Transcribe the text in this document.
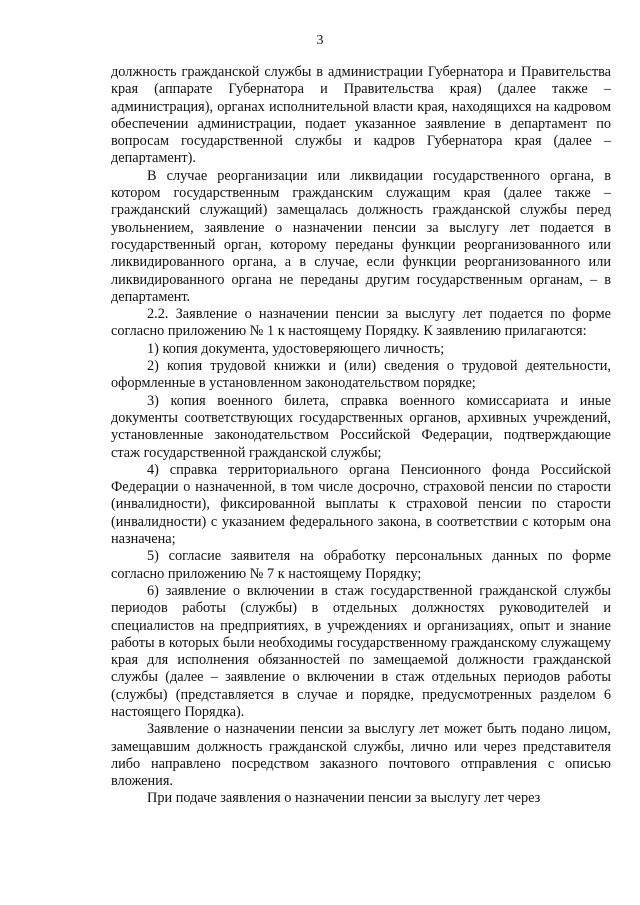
3

должность гражданской службы в администрации Губернатора и Правительства края (аппарате Губернатора и Правительства края) (далее также – администрация), органах исполнительной власти края, находящихся на кадровом обеспечении администрации, подает указанное заявление в департамент по вопросам государственной службы и кадров Губернатора края (далее – департамент).

В случае реорганизации или ликвидации государственного органа, в котором государственным гражданским служащим края (далее также – гражданский служащий) замещалась должность гражданской службы перед увольнением, заявление о назначении пенсии за выслугу лет подается в государственный орган, которому переданы функции реорганизованного или ликвидированного органа, а в случае, если функции реорганизованного или ликвидированного органа не переданы другим государственным органам, – в департамент.

2.2. Заявление о назначении пенсии за выслугу лет подается по форме согласно приложению № 1 к настоящему Порядку. К заявлению прилагаются:

1) копия документа, удостоверяющего личность;

2) копия трудовой книжки и (или) сведения о трудовой деятельности, оформленные в установленном законодательством порядке;

3) копия военного билета, справка военного комиссариата и иные документы соответствующих государственных органов, архивных учреждений, установленные законодательством Российской Федерации, подтверждающие стаж государственной гражданской службы;

4) справка территориального органа Пенсионного фонда Российской Федерации о назначенной, в том числе досрочно, страховой пенсии по старости (инвалидности), фиксированной выплаты к страховой пенсии по старости (инвалидности) с указанием федерального закона, в соответствии с которым она назначена;

5) согласие заявителя на обработку персональных данных по форме согласно приложению № 7 к настоящему Порядку;

6) заявление о включении в стаж государственной гражданской службы периодов работы (службы) в отдельных должностях руководителей и специалистов на предприятиях, в учреждениях и организациях, опыт и знание работы в которых были необходимы государственному гражданскому служащему края для исполнения обязанностей по замещаемой должности гражданской службы (далее – заявление о включении в стаж отдельных периодов работы (службы) (представляется в случае и порядке, предусмотренных разделом 6 настоящего Порядка).

Заявление о назначении пенсии за выслугу лет может быть подано лицом, замещавшим должность гражданской службы, лично или через представителя либо направлено посредством заказного почтового отправления с описью вложения.

При подаче заявления о назначении пенсии за выслугу лет через
